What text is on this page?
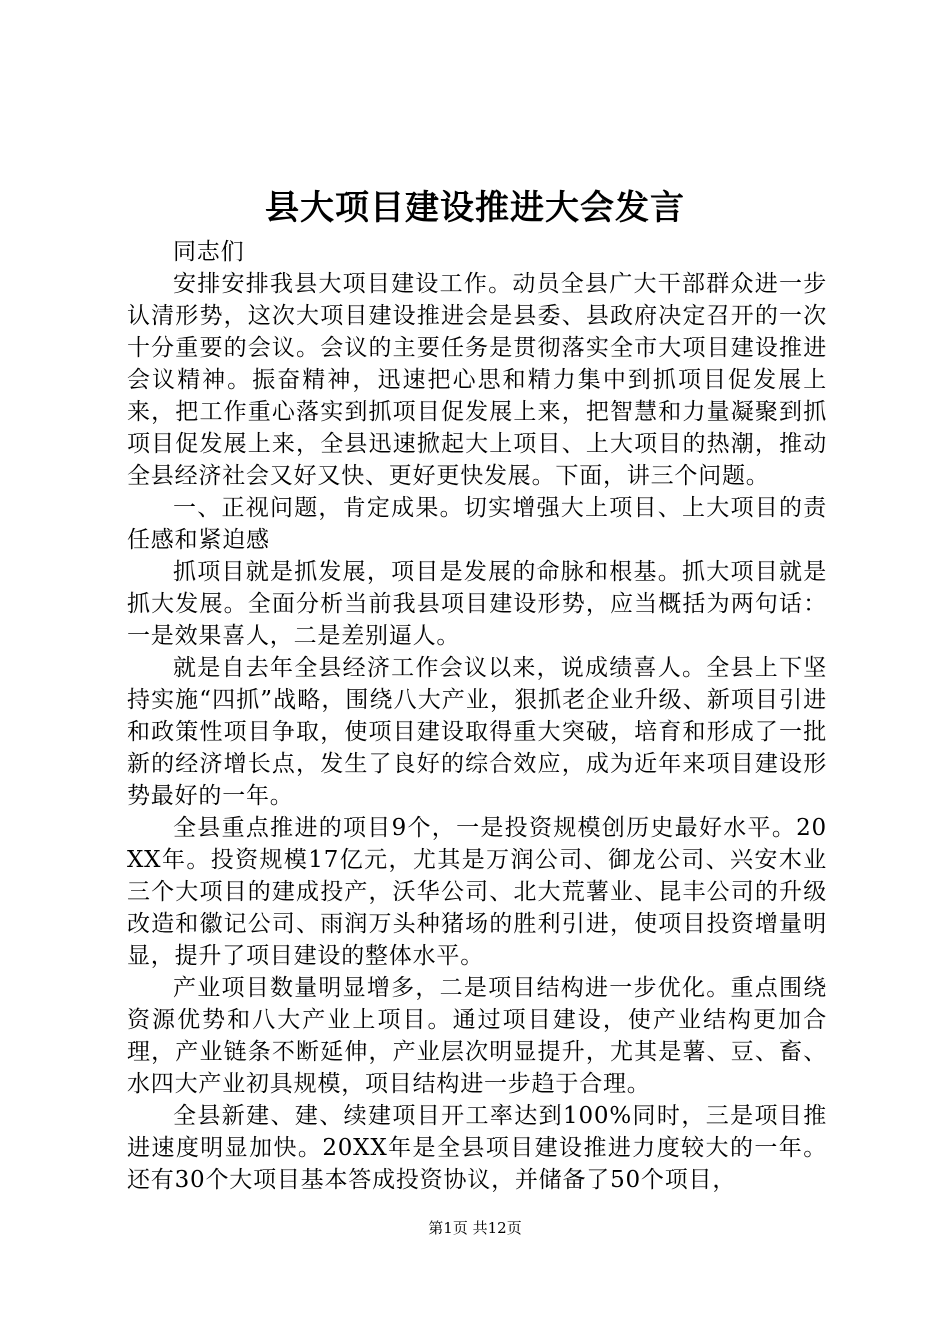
县大项目建设推进大会发言

同志们

安排安排我县大项目建设工作。动员全县广大干部群众进一步认清形势，这次大项目建设推进会是县委、县政府决定召开的一次十分重要的会议。会议的主要任务是贯彻落实全市大项目建设推进会议精神。振奋精神，迅速把心思和精力集中到抓项目促发展上来，把工作重心落实到抓项目促发展上来，把智慧和力量凝聚到抓项目促发展上来，全县迅速掀起大上项目、上大项目的热潮，推动全县经济社会又好又快、更好更快发展。下面，讲三个问题。

一、正视问题，肯定成果。切实增强大上项目、上大项目的责任感和紧迫感

抓项目就是抓发展，项目是发展的命脉和根基。抓大项目就是抓大发展。全面分析当前我县项目建设形势，应当概括为两句话：一是效果喜人，二是差别逼人。

就是自去年全县经济工作会议以来，说成绩喜人。全县上下坚持实施“四抓”战略，围绕八大产业，狠抓老企业升级、新项目引进和政策性项目争取，使项目建设取得重大突破，培育和形成了一批新的经济增长点，发生了良好的综合效应，成为近年来项目建设形势最好的一年。

全县重点推进的项目9个，一是投资规模创历史最好水平。20XX年。投资规模17亿元，尤其是万润公司、御龙公司、兴安木业三个大项目的建成投产，沃华公司、北大荒薯业、昆丰公司的升级改造和徽记公司、雨润万头种猪场的胜利引进，使项目投资增量明显，提升了项目建设的整体水平。

产业项目数量明显增多，二是项目结构进一步优化。重点围绕资源优势和八大产业上项目。通过项目建设，使产业结构更加合理，产业链条不断延伸，产业层次明显提升，尤其是薯、豆、畜、水四大产业初具规模，项目结构进一步趋于合理。

全县新建、建、续建项目开工率达到100%同时，三是项目推进速度明显加快。20XX年是全县项目建设推进力度较大的一年。还有30个大项目基本答成投资协议，并储备了50个项目，

第1页 共12页
